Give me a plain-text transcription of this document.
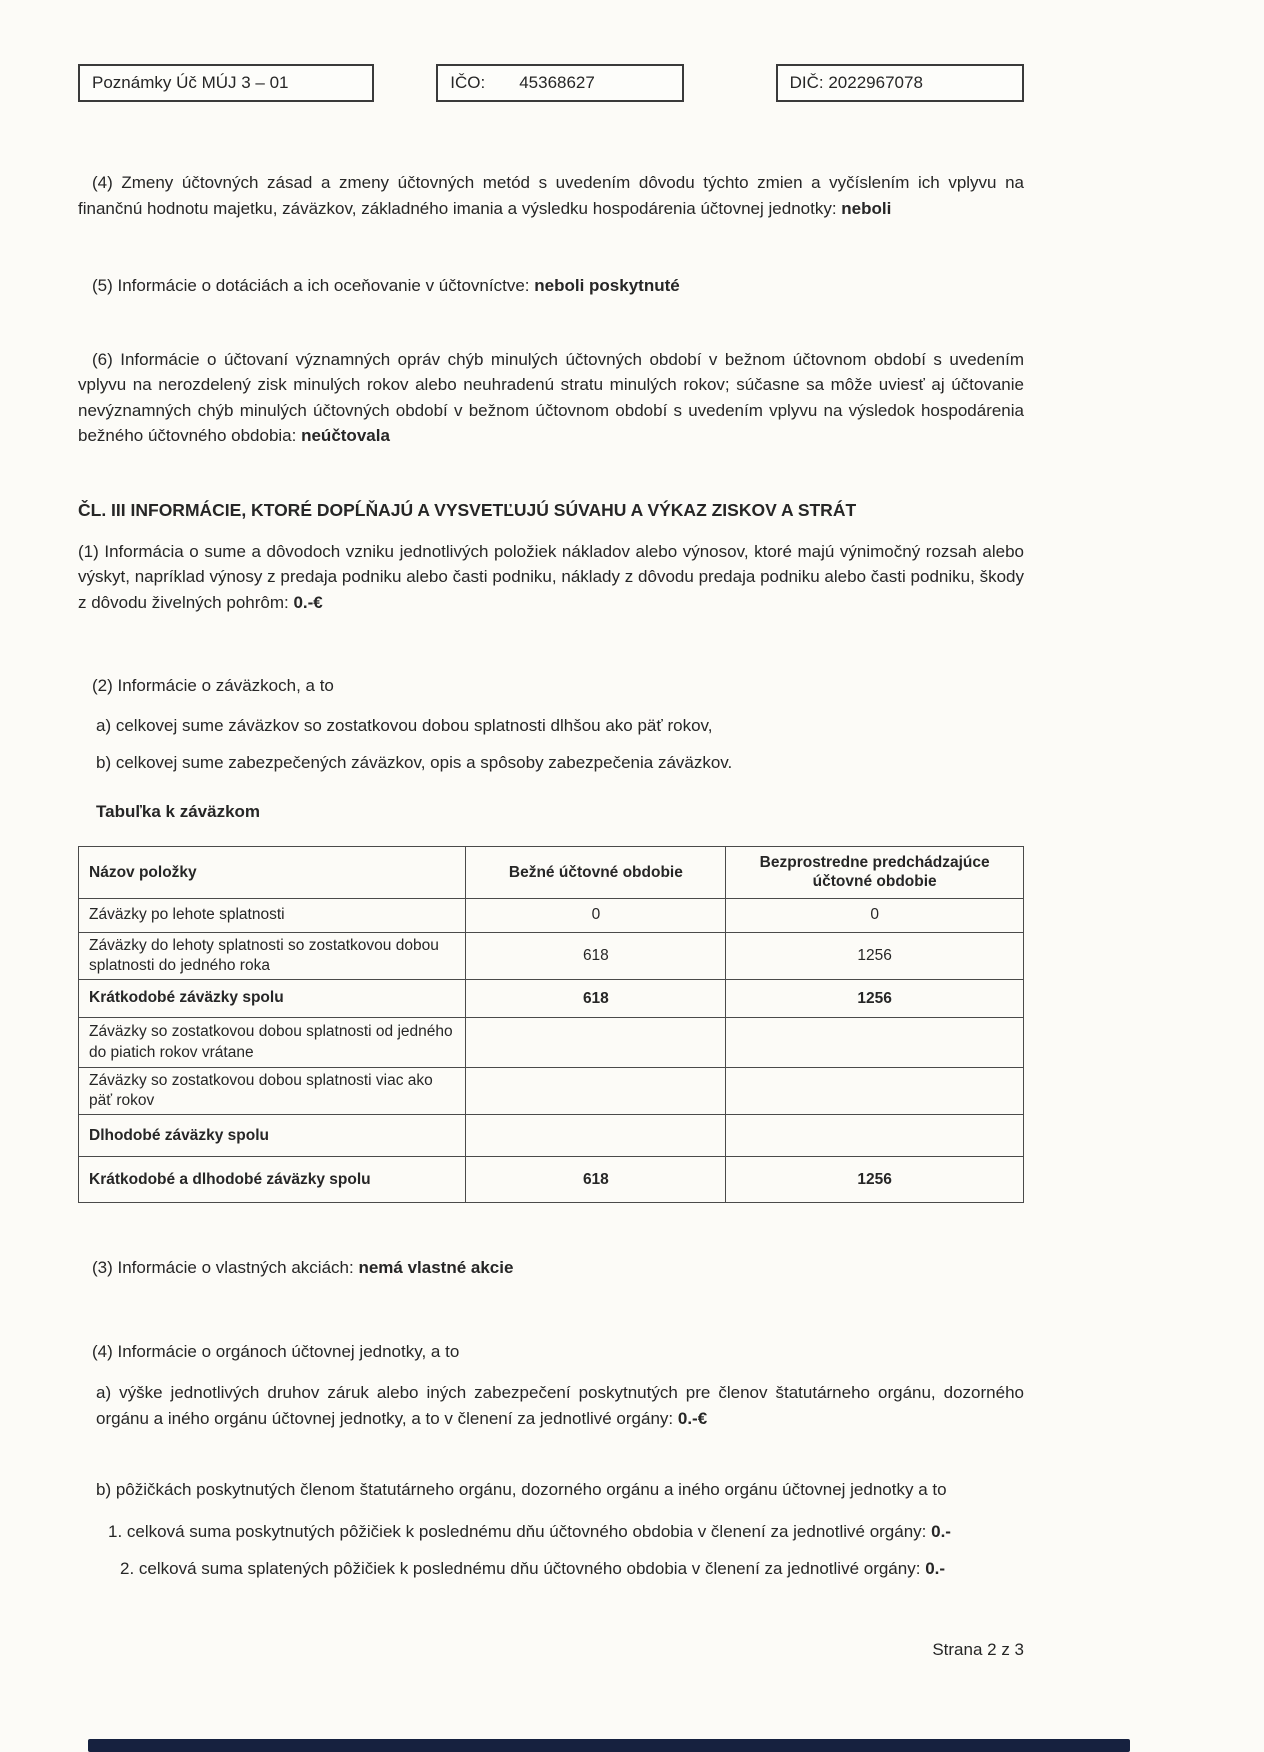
Poznámky Úč MÚJ 3 – 01	IČO: 45368627	DIČ: 2022967078

(4) Zmeny účtovných zásad a zmeny účtovných metód s uvedením dôvodu týchto zmien a vyčíslením ich vplyvu na finančnú hodnotu majetku, záväzkov, základného imania a výsledku hospodárenia účtovnej jednotky: neboli

(5) Informácie o dotáciách a ich oceňovanie v účtovníctve: neboli poskytnuté

(6) Informácie o účtovaní významných opráv chýb minulých účtovných období v bežnom účtovnom období s uvedením vplyvu na nerozdelený zisk minulých rokov alebo neuhradenú stratu minulých rokov; súčasne sa môže uviesť aj účtovanie nevýznamných chýb minulých účtovných období v bežnom účtovnom období s uvedením vplyvu na výsledok hospodárenia bežného účtovného obdobia: neúčtovala

ČL. III INFORMÁCIE, KTORÉ DOPĹŇAJÚ A VYSVETĽUJÚ SÚVAHU A VÝKAZ ZISKOV A STRÁT

(1) Informácia o sume a dôvodoch vzniku jednotlivých položiek nákladov alebo výnosov, ktoré majú výnimočný rozsah alebo výskyt, napríklad výnosy z predaja podniku alebo časti podniku, náklady z dôvodu predaja podniku alebo časti podniku, škody z dôvodu živelných pohrôm: 0.-€

(2) Informácie o záväzkoch, a to

a) celkovej sume záväzkov so zostatkovou dobou splatnosti dlhšou ako päť rokov,

b) celkovej sume zabezpečených záväzkov, opis a spôsoby zabezpečenia záväzkov.

Tabuľka k záväzkom

Názov položky	Bežné účtovné obdobie	Bezprostredne predchádzajúce účtovné obdobie
Záväzky po lehote splatnosti	0	0
Záväzky do lehoty splatnosti so zostatkovou dobou splatnosti do jedného roka	618	1256
Krátkodobé záväzky spolu	618	1256
Záväzky so zostatkovou dobou splatnosti od jedného do piatich rokov vrátane		
Záväzky so zostatkovou dobou splatnosti viac ako päť rokov		
Dlhodobé záväzky spolu		
Krátkodobé a dlhodobé záväzky spolu	618	1256

(3) Informácie o vlastných akciách: nemá vlastné akcie

(4) Informácie o orgánoch účtovnej jednotky, a to

a) výške jednotlivých druhov záruk alebo iných zabezpečení poskytnutých pre členov štatutárneho orgánu, dozorného orgánu a iného orgánu účtovnej jednotky, a to v členení za jednotlivé orgány: 0.-€

b) pôžičkách poskytnutých členom štatutárneho orgánu, dozorného orgánu a iného orgánu účtovnej jednotky a to

1. celková suma poskytnutých pôžičiek k poslednému dňu účtovného obdobia v členení za jednotlivé orgány: 0.-

2. celková suma splatených pôžičiek k poslednému dňu účtovného obdobia v členení za jednotlivé orgány: 0.-

Strana 2 z 3
